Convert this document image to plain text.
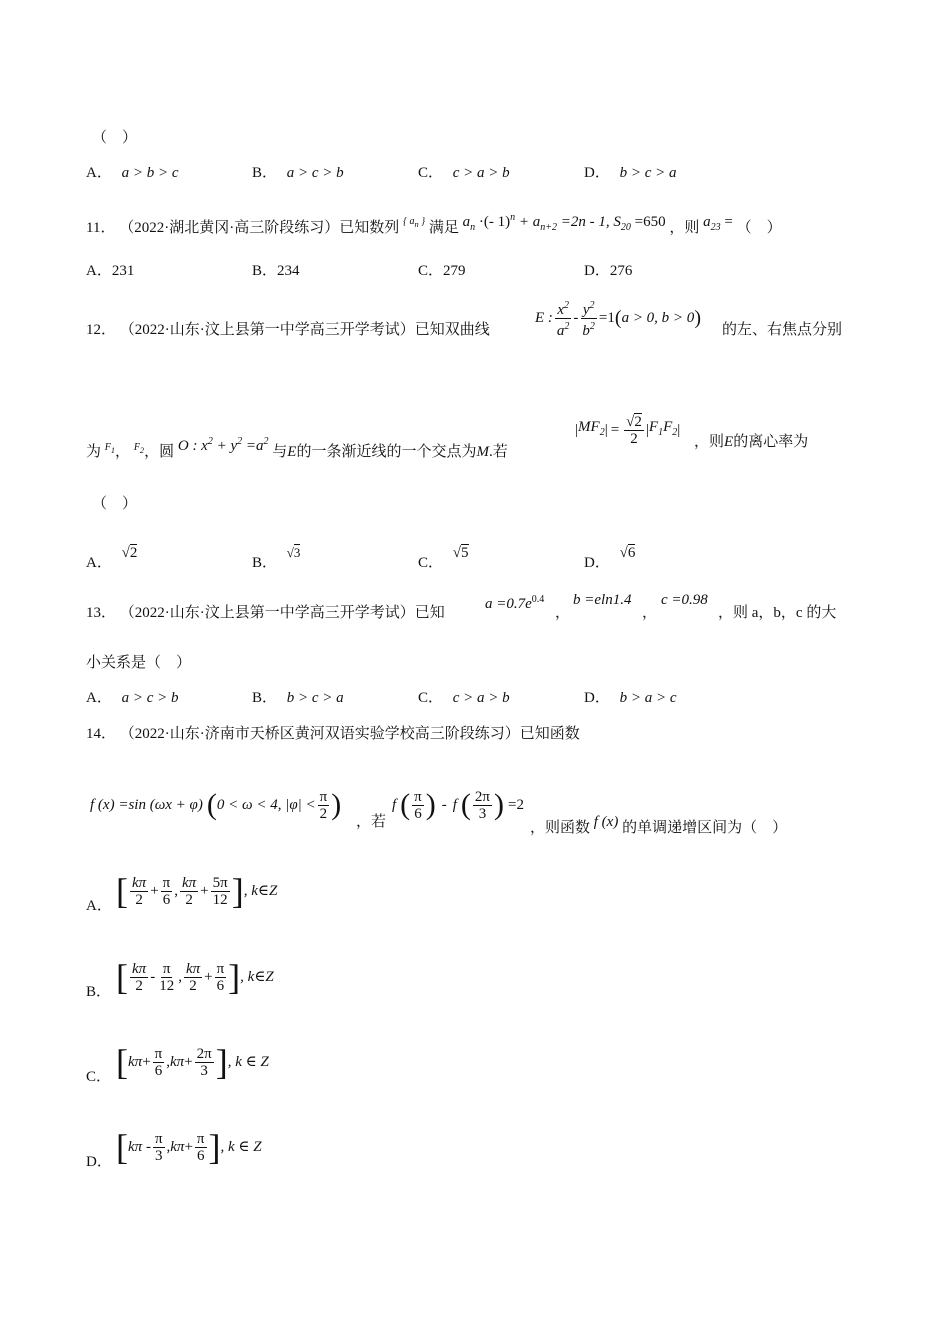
（　）
A． a > b > c	B． a > c > b	C． c > a > b	D． b > c > a
11． （2022·湖北黄冈·高三阶段练习）已知数列 $^{\{ a_n \}}$ 满足 $a_n$ ·(- $1)^n + a_{n+2} =2n - 1$, $S_{20} =650$ ，则 $a_{23}$ = （　）
A．231	B．234	C．279	D．276
12． （2022·山东·汶上县第一中学高三开学考试）已知双曲线
E : $\frac{x^2}{a^2} - \frac{y^2}{b^2} =1$ ( a > 0, b > 0 )
的左、右焦点分别
为 $^{F_1}$， $^{F_2}$，圆 O : $x^2 + y^2 =a^2$ 与E的一条渐近线的一个交点为M.若
| $MF_2$ | = $\frac{√2}{2}$ | $F_1F_2$ |
，则E的离心率为
（　）
A． √2
B． √3
C． √5
D． √6
13． （2022·山东·汶上县第一中学高三开学考试）已知
$a =0.7e^{0.4}$
，
b =eln1.4
，
c =0.98
，则 a，b，c 的大
小关系是（　）
A． a > c > b	B． b > c > a	C． c > a > b	D． b > a > c
14． （2022·山东·济南市天桥区黄河双语实验学校高三阶段练习）已知函数
f (x) =sin (ωx + φ) ( 0 < ω < 4, $|\varphi| < \frac{\pi}{2}$ )
，若
f ( $\frac{\pi}{6}$ ) - f ( $\frac{2\pi}{3}$ ) =2
，则函数 f (x) 的单调递增区间为（　）
A． [ $\frac{k\pi}{2} + \frac{\pi}{6}$ , $\frac{k\pi}{2} + \frac{5\pi}{12}$ ] , k∈Z
B． [ $\frac{k\pi}{2} - \frac{\pi}{12}$ , $\frac{k\pi}{2} + \frac{\pi}{6}$ ] , k∈Z
C． [ $k\pi+ \frac{\pi}{6}$ , $k\pi+ \frac{2\pi}{3}$ ] , k ∈ Z
D． [ kπ - $\frac{\pi}{3}$ , $k\pi+ \frac{\pi}{6}$ ] , k ∈ Z
